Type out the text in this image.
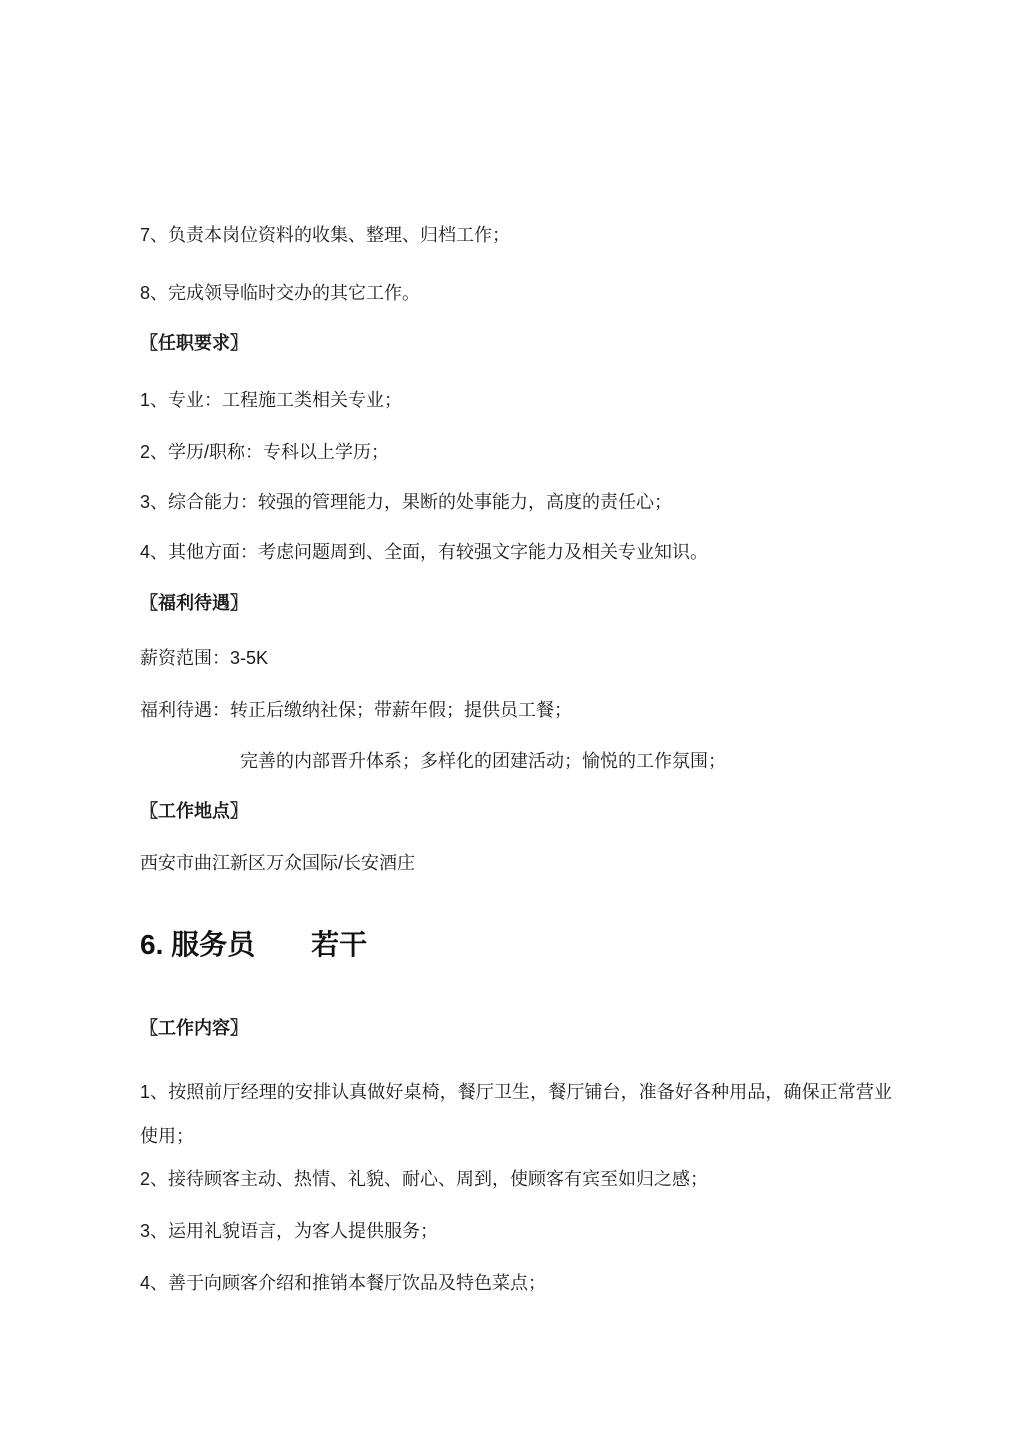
7、负责本岗位资料的收集、整理、归档工作；

8、完成领导临时交办的其它工作。

〖任职要求〗

1、专业：工程施工类相关专业；

2、学历/职称：专科以上学历；

3、综合能力：较强的管理能力，果断的处事能力，高度的责任心；

4、其他方面：考虑问题周到、全面，有较强文字能力及相关专业知识。

〖福利待遇〗

薪资范围：3-5K

福利待遇：转正后缴纳社保；带薪年假；提供员工餐；

完善的内部晋升体系；多样化的团建活动；愉悦的工作氛围；

〖工作地点〗

西安市曲江新区万众国际/长安酒庄

6. 服务员　　若干

〖工作内容〗

1、按照前厅经理的安排认真做好桌椅，餐厅卫生，餐厅铺台，准备好各种用品，确保正常营业
使用；

2、接待顾客主动、热情、礼貌、耐心、周到，使顾客有宾至如归之感；

3、运用礼貌语言，为客人提供服务；

4、善于向顾客介绍和推销本餐厅饮品及特色菜点；
